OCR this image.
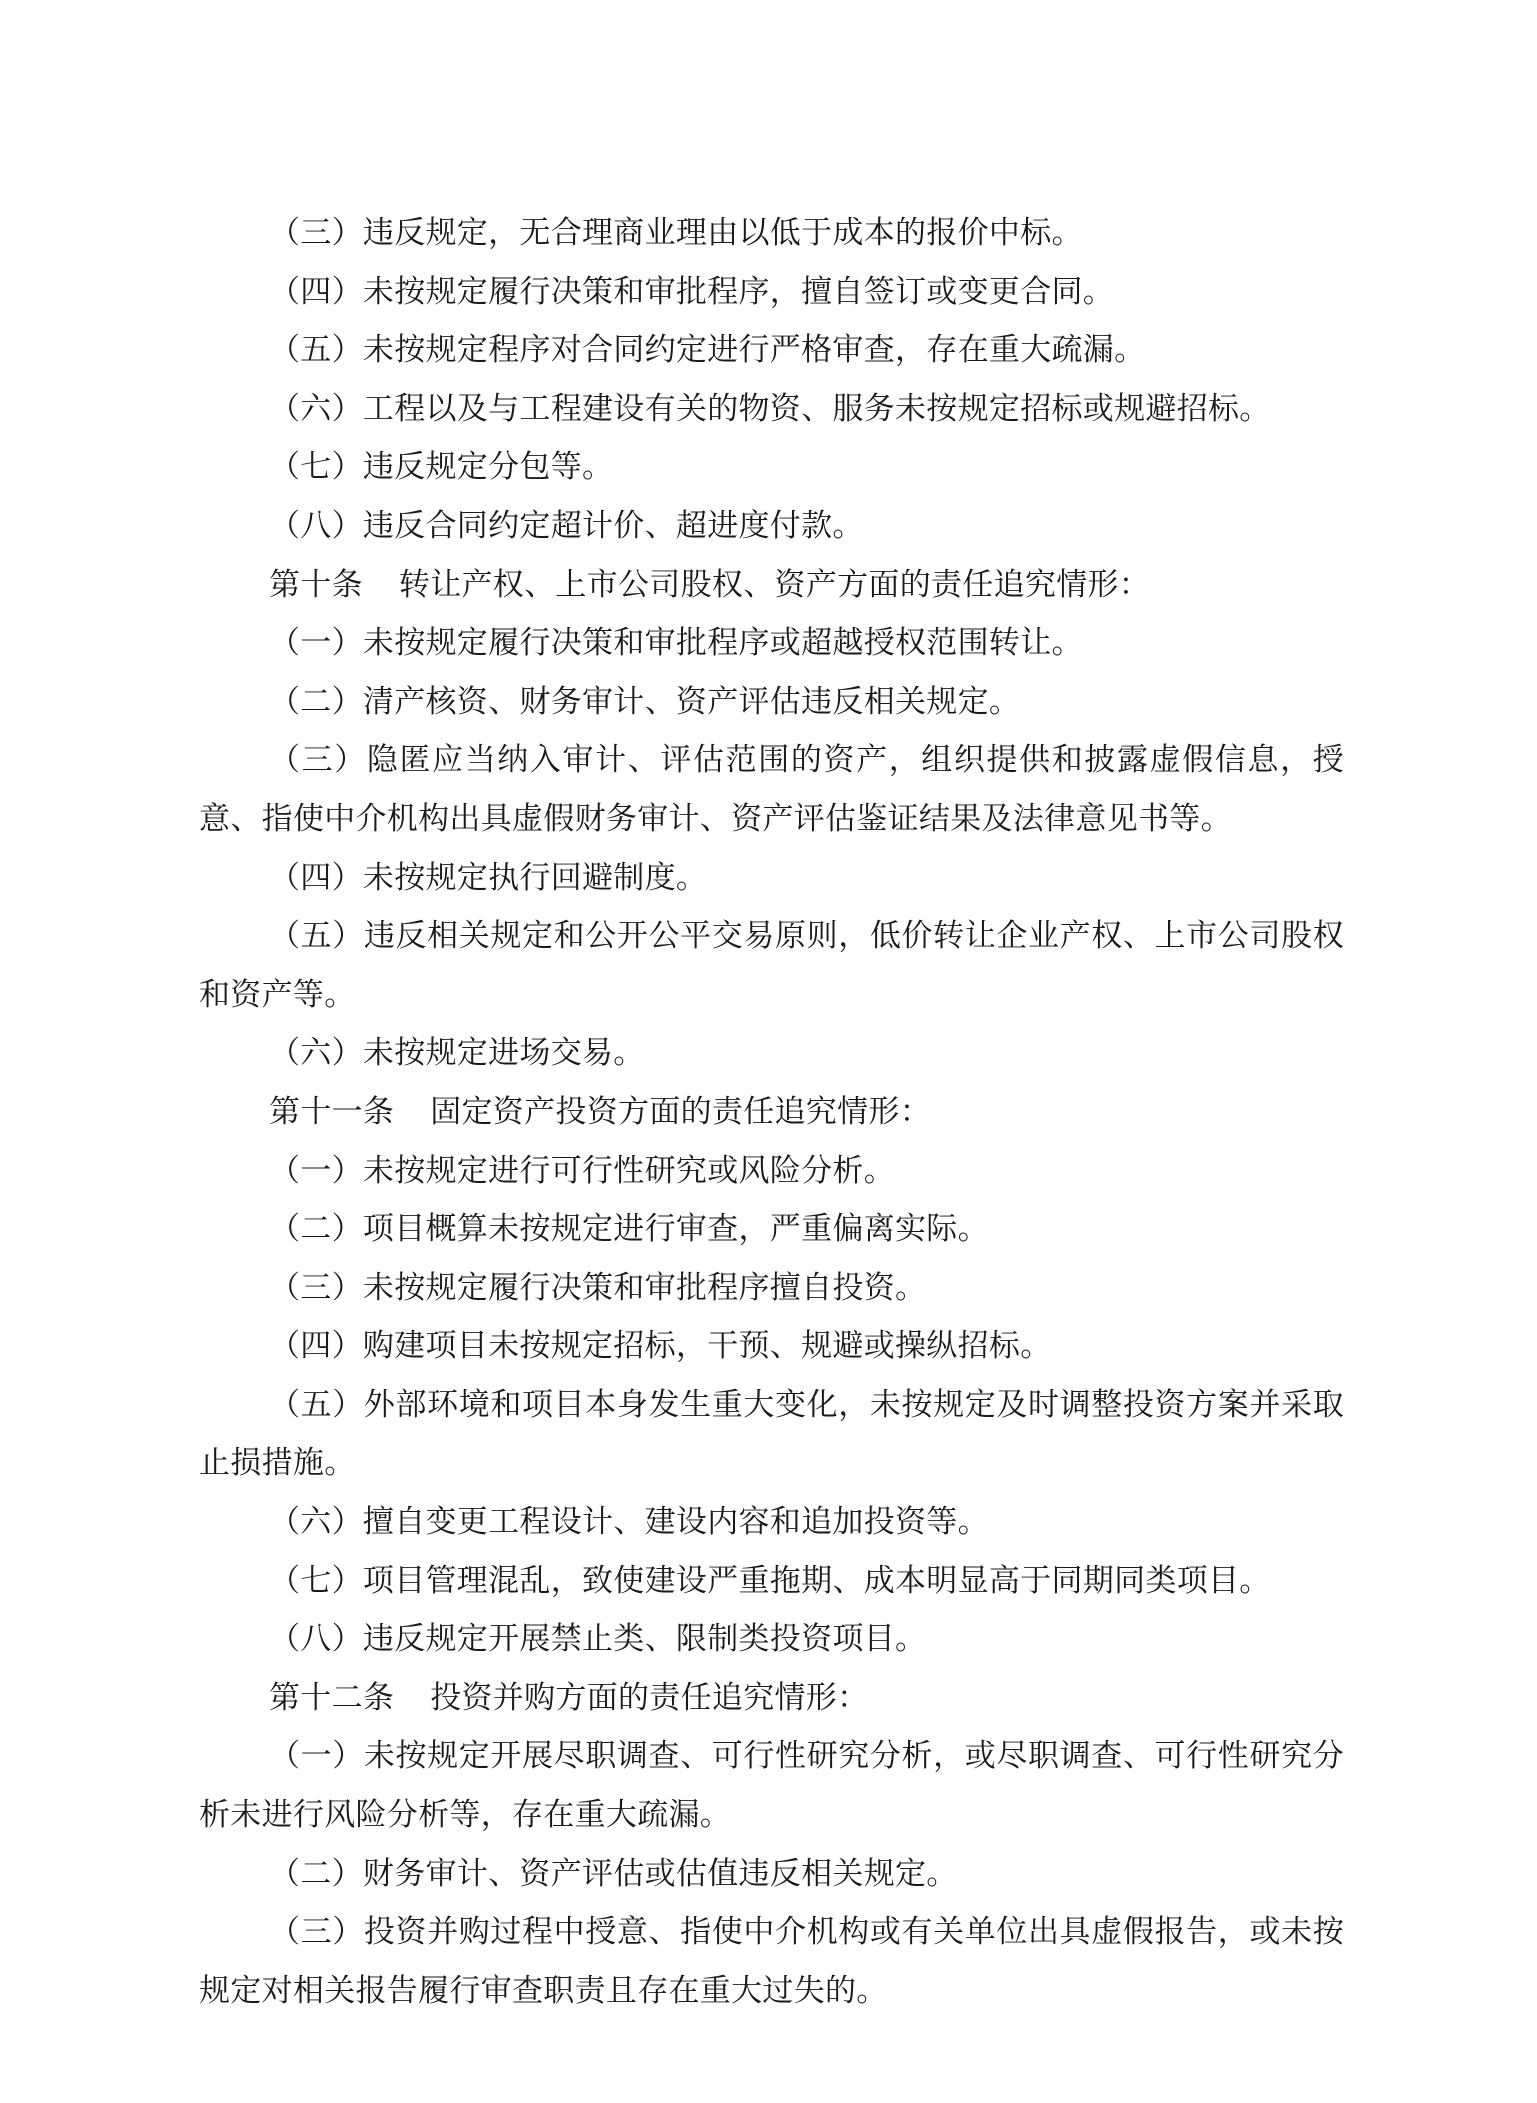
（三）违反规定，无合理商业理由以低于成本的报价中标。

（四）未按规定履行决策和审批程序，擅自签订或变更合同。

（五）未按规定程序对合同约定进行严格审查，存在重大疏漏。

（六）工程以及与工程建设有关的物资、服务未按规定招标或规避招标。

（七）违反规定分包等。

（八）违反合同约定超计价、超进度付款。

第十条 转让产权、上市公司股权、资产方面的责任追究情形：

（一）未按规定履行决策和审批程序或超越授权范围转让。

（二）清产核资、财务审计、资产评估违反相关规定。

（三）隐匿应当纳入审计、评估范围的资产，组织提供和披露虚假信息，授意、指使中介机构出具虚假财务审计、资产评估鉴证结果及法律意见书等。

（四）未按规定执行回避制度。

（五）违反相关规定和公开公平交易原则，低价转让企业产权、上市公司股权和资产等。

（六）未按规定进场交易。

第十一条 固定资产投资方面的责任追究情形：

（一）未按规定进行可行性研究或风险分析。

（二）项目概算未按规定进行审查，严重偏离实际。

（三）未按规定履行决策和审批程序擅自投资。

（四）购建项目未按规定招标，干预、规避或操纵招标。

（五）外部环境和项目本身发生重大变化，未按规定及时调整投资方案并采取止损措施。

（六）擅自变更工程设计、建设内容和追加投资等。

（七）项目管理混乱，致使建设严重拖期、成本明显高于同期同类项目。

（八）违反规定开展禁止类、限制类投资项目。

第十二条 投资并购方面的责任追究情形：

（一）未按规定开展尽职调查、可行性研究分析，或尽职调查、可行性研究分析未进行风险分析等，存在重大疏漏。

（二）财务审计、资产评估或估值违反相关规定。

（三）投资并购过程中授意、指使中介机构或有关单位出具虚假报告，或未按规定对相关报告履行审查职责且存在重大过失的。
